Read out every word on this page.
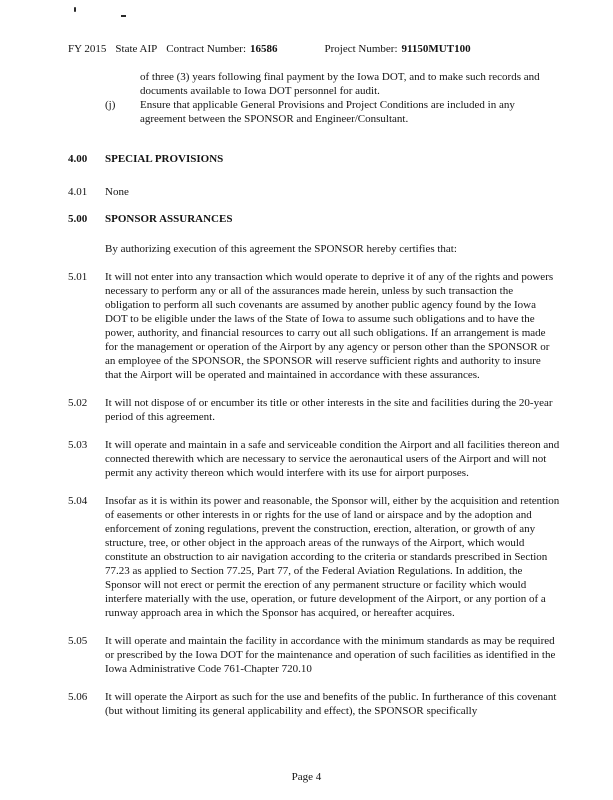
FY 2015 State AIP Contract Number: 16586	Project Number: 91150MUT100
of three (3) years following final payment by the Iowa DOT, and to make such records and documents available to Iowa DOT personnel for audit.
(j)	Ensure that applicable General Provisions and Project Conditions are included in any agreement between the SPONSOR and Engineer/Consultant.
4.00	SPECIAL PROVISIONS
4.01	None
5.00	SPONSOR ASSURANCES
By authorizing execution of this agreement the SPONSOR hereby certifies that:
5.01	It will not enter into any transaction which would operate to deprive it of any of the rights and powers necessary to perform any or all of the assurances made herein, unless by such transaction the obligation to perform all such covenants are assumed by another public agency found by the Iowa DOT to be eligible under the laws of the State of Iowa to assume such obligations and to have the power, authority, and financial resources to carry out all such obligations. If an arrangement is made for the management or operation of the Airport by any agency or person other than the SPONSOR or an employee of the SPONSOR, the SPONSOR will reserve sufficient rights and authority to insure that the Airport will be operated and maintained in accordance with these assurances.
5.02	It will not dispose of or encumber its title or other interests in the site and facilities during the 20-year period of this agreement.
5.03	It will operate and maintain in a safe and serviceable condition the Airport and all facilities thereon and connected therewith which are necessary to service the aeronautical users of the Airport and will not permit any activity thereon which would interfere with its use for airport purposes.
5.04	Insofar as it is within its power and reasonable, the Sponsor will, either by the acquisition and retention of easements or other interests in or rights for the use of land or airspace and by the adoption and enforcement of zoning regulations, prevent the construction, erection, alteration, or growth of any structure, tree, or other object in the approach areas of the runways of the Airport, which would constitute an obstruction to air navigation according to the criteria or standards prescribed in Section 77.23 as applied to Section 77.25, Part 77, of the Federal Aviation Regulations. In addition, the Sponsor will not erect or permit the erection of any permanent structure or facility which would interfere materially with the use, operation, or future development of the Airport, or any portion of a runway approach area in which the Sponsor has acquired, or hereafter acquires.
5.05	It will operate and maintain the facility in accordance with the minimum standards as may be required or prescribed by the Iowa DOT for the maintenance and operation of such facilities as identified in the Iowa Administrative Code 761-Chapter 720.10
5.06	It will operate the Airport as such for the use and benefits of the public. In furtherance of this covenant (but without limiting its general applicability and effect), the SPONSOR specifically
Page 4
